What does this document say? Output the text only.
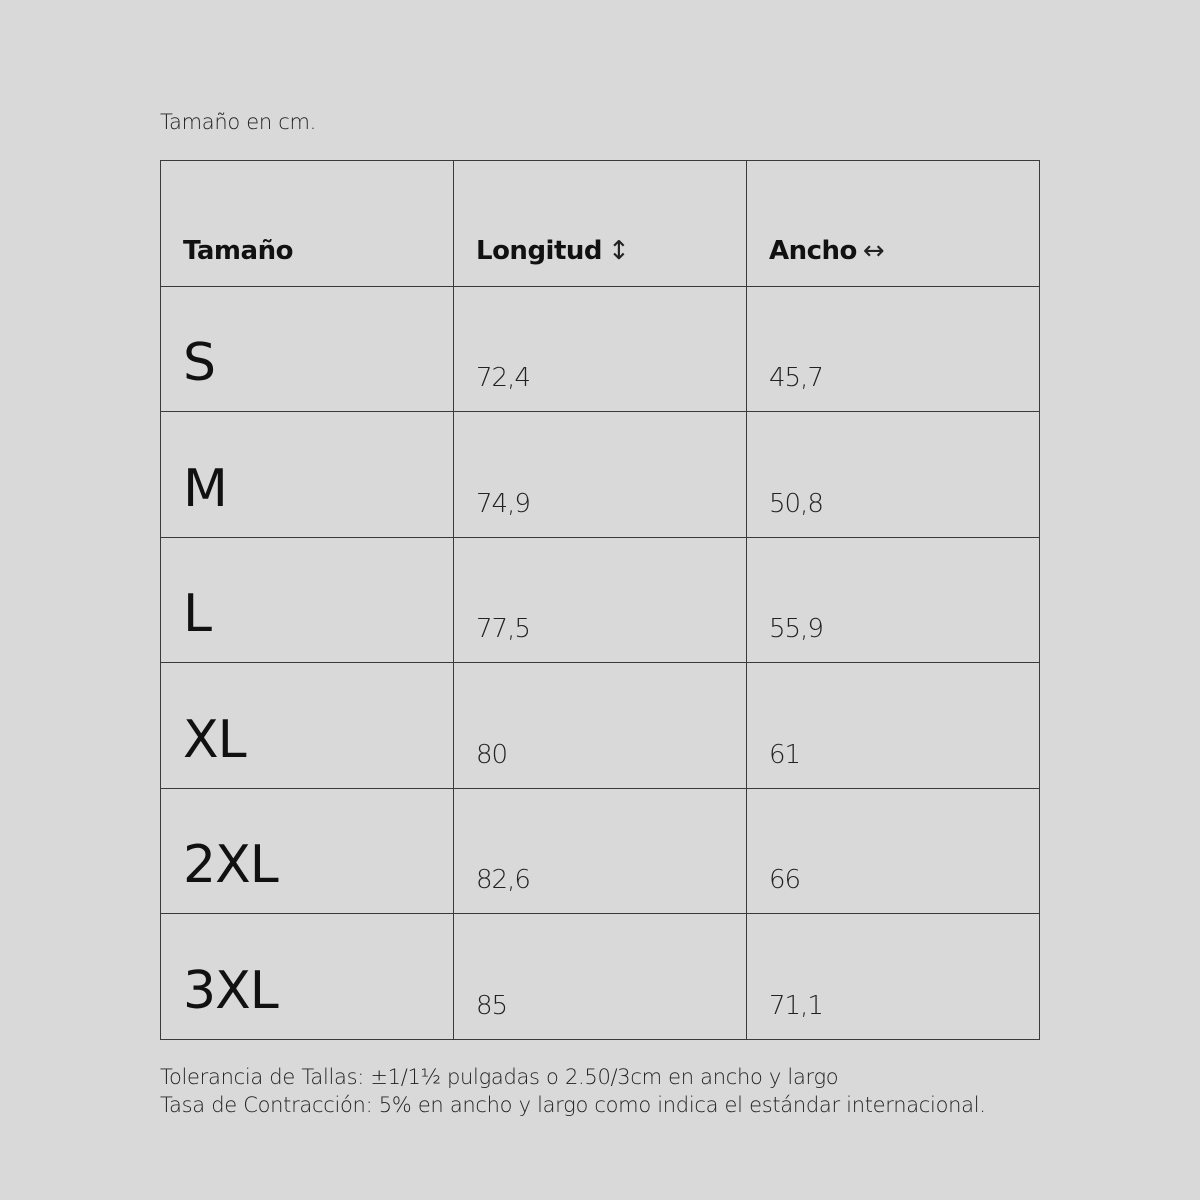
Tamaño en cm.
Tamaño	Longitud ↕	Ancho ↔
S	72,4	45,7
M	74,9	50,8
L	77,5	55,9
XL	80	61
2XL	82,6	66
3XL	85	71,1
Tolerancia de Tallas: ±1/1½ pulgadas o 2.50/3cm en ancho y largo
Tasa de Contracción: 5% en ancho y largo como indica el estándar internacional.
